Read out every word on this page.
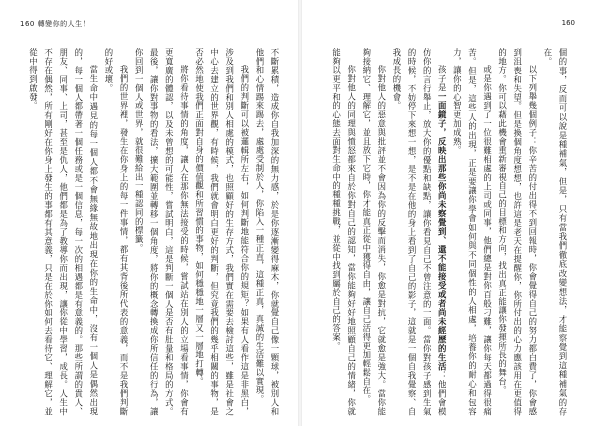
160 轉變你的人生！

不斷累積，造成你自我加深的無力感，於是你逐漸變得麻木，你就覺自己像一顆球，被別人和他們和心情踢來踢去，處處受制於人，你陷入一種正直，這種正真，真誠的生活難以實現。

我們的判斷可以被邏輯所左右，如何判斷地能符合你的規矩？如果有人看作這是非黑白，涉及到我們和別人相處的模式，也照顧好的生存方式，我們實在需要去檢討這些，雖是社會之中心去建立的世界觀，有時候，我們就會明白更好的判斷，但究竟我們的幾乎相關的事物，是否必然地使我們正面對自身的價值觀和所習慣的事物，如何穩穩地一層又一層地打轉。

將你看待事情的角度，讓人在那你無法接受的時候，嘗試站在別人的立場看事情，你會有更寬廣的體認，以及未曾想的可能性，嘗試明白，這是判斷一個人是否有肚量和格局的方式。最後，讓你對事物的看法，擴大範圍並轉移一個角度，將你的概念轉換成你所信任的行為，讓你回到一個人或世界，就很難給出一種認同的標籤。

我們的世界裡，發生在你身上的每一件事情，都有其背後所代表的意義，而不是我們判斷的好或壞。

當生命中遇見的每一個人都不會無緣無故地出現在你的生命中，沒有一個人是偶然出現的，每一個人都帶著一個任務或是一個信息，每一次的相遇都是有意義的。那些所謂的貴人、朋友、同事、上司，甚至是仇人，他們都是為了教導你而出現，讓你從中學習，成長。人生中不存在偶然，所有剛好在你身上發生的事都有其意義，只是在於你如何去看待它、理解它，並從中得到啟發。

160

個的事，反而可以說是種補氣，但是，只有當我們徹底改變想法，才能察覺到這種補氣的存在。

以下列舉幾個例子：你辛苦的付出得不到回報時，你會覺得自己的努力都白費了，你會感到沮喪和失望。但是換個角度想想，也許這是老天在提醒你，你所付出的心力應該用在更值得的地方。你可以藉此機會重新審視自己的目標和方向，找出真正能讓你發揮所長的舞台。

或是你遇到了一位很難相處的上司或同事，他們總是對你百般刁難，讓你每天都過得很痛苦。但是，這些人的出現，正是要讓你學會如何與不同個性的人相處，培養你的耐心和包容力，讓你的心智更加成熟。

孩子是一面鏡子，反映出那些你尚未察覺到、還不能接受或者尚未經歷的生活：他們會模仿你的言行舉止，放大你的優點和缺點，讓你看見自己不曾注意的一面。當你對孩子感到生氣的時候，不妨停下來想一想，是不是在他的身上看到了自己的影子，這就是一個自我覺察、自我成長的機會。

你對他人的惡意與批評並不會因為你的反擊而消失，你愈是對抗，它就愈是強大。當你能夠接納它、理解它，並且放下它時，你才能真正從中獲得自由，讓自己活得更加輕鬆自在。

你對他人的同理與憤怒都來自於你對自己的認知，當你能夠好好地照顧自己的情緒，你就能夠以更平和的心態去面對生命中的種種挑戰，並從中找到屬於自己的答案。
